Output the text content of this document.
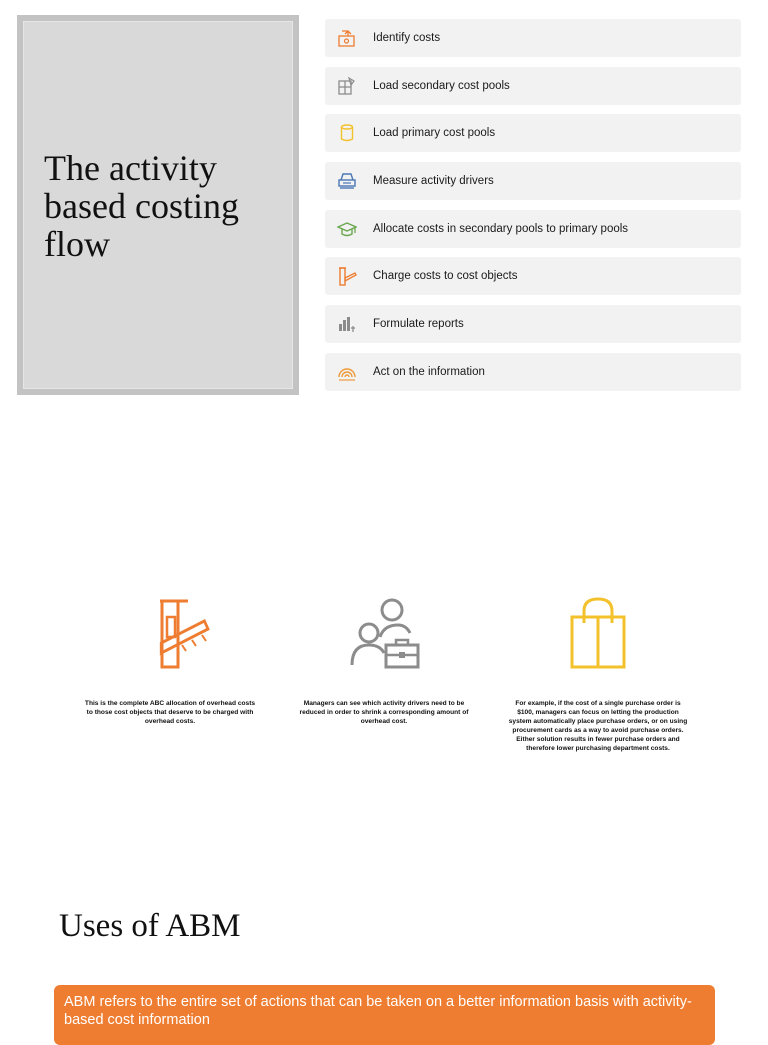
The activity based costing flow
Identify costs
Load secondary cost pools
Load primary cost pools
Measure activity drivers
Allocate costs in secondary pools to primary pools
Charge costs to cost objects
Formulate reports
Act on the information

This is the complete ABC allocation of overhead costs to those cost objects that deserve to be charged with overhead costs.

Managers can see which activity drivers need to be reduced in order to shrink a corresponding amount of overhead cost.

For example, if the cost of a single purchase order is $100, managers can focus on letting the production system automatically place purchase orders, or on using procurement cards as a way to avoid purchase orders. Either solution results in fewer purchase orders and therefore lower purchasing department costs.

Uses of ABM
ABM refers to the entire set of actions that can be taken on a better information basis with activity-based cost information
